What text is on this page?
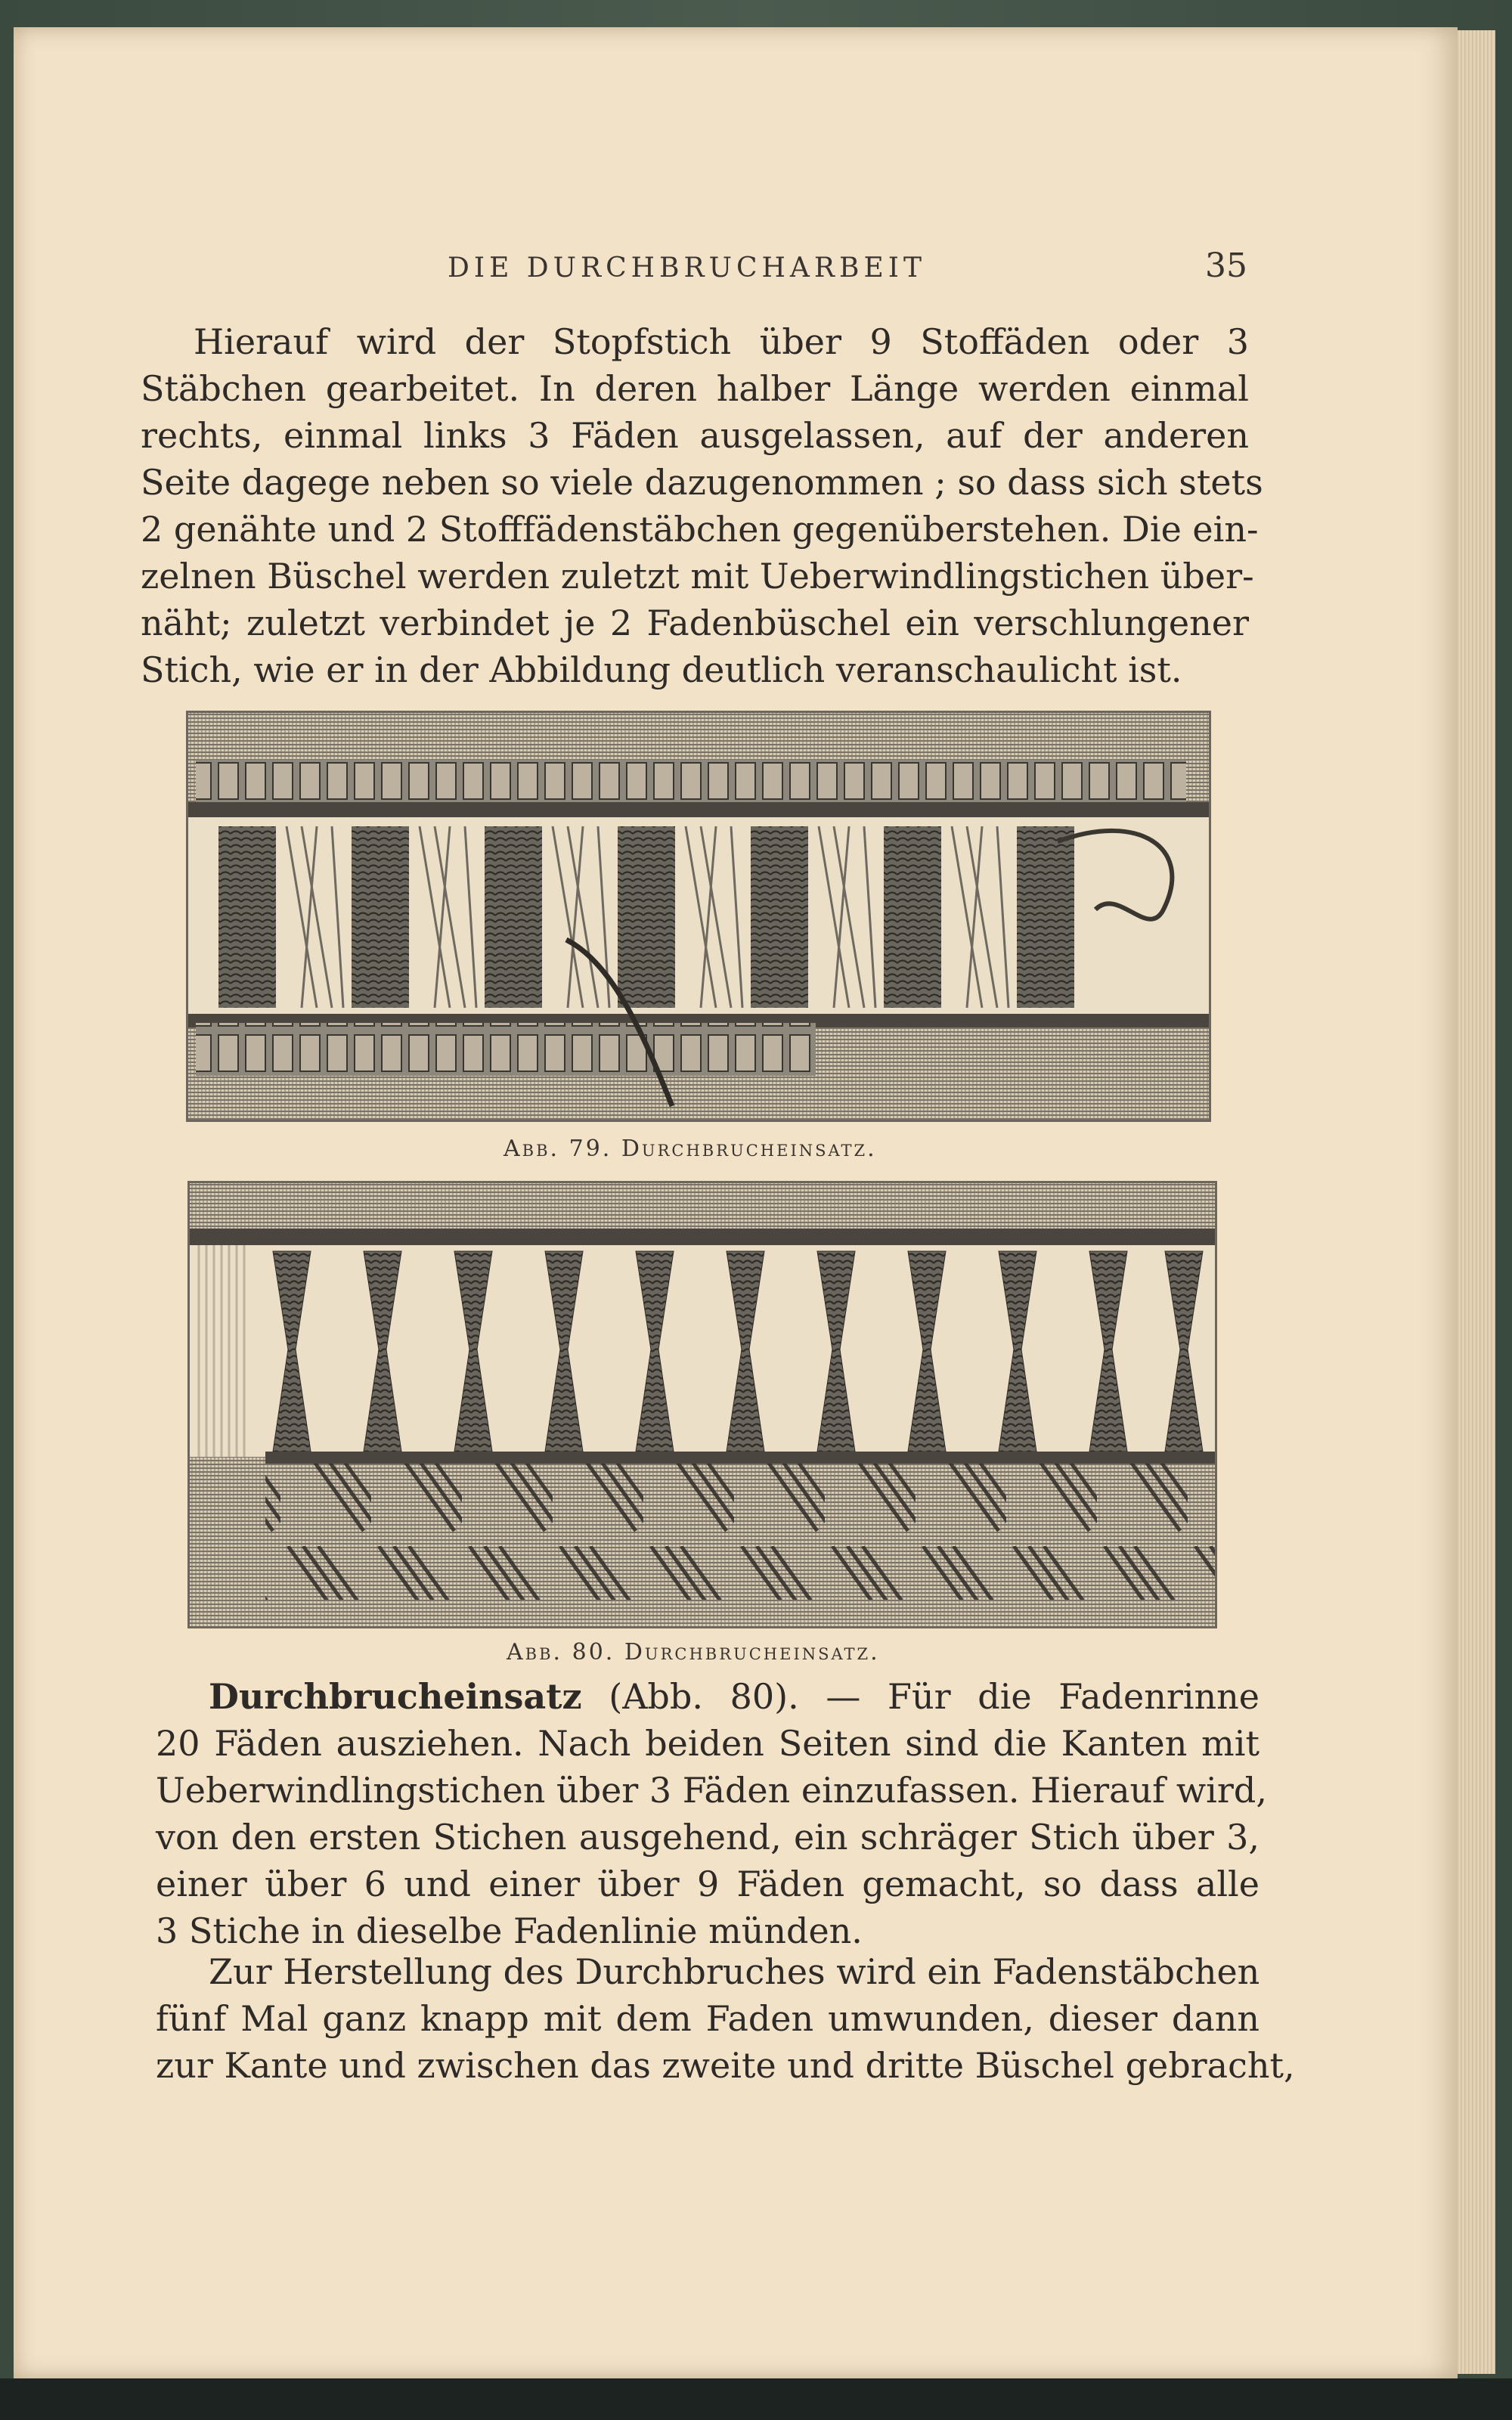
DIE DURCHBRUCHARBEIT	35
Hierauf wird der Stopfstich über 9 Stoffäden oder 3
Stäbchen gearbeitet. In deren halber Länge werden einmal
rechts, einmal links 3 Fäden ausgelassen, auf der anderen
Seite dagege neben so viele dazugenommen ; so dass sich stets
2 genähte und 2 Stofffädenstäbchen gegenüberstehen. Die ein-
zelnen Büschel werden zuletzt mit Ueberwindlingstichen über-
näht; zuletzt verbindet je 2 Fadenbüschel ein verschlungener
Stich, wie er in der Abbildung deutlich veranschaulicht ist.
Abb. 79. Durchbrucheinsatz.
Abb. 80. Durchbrucheinsatz.
Durchbrucheinsatz (Abb. 80). — Für die Fadenrinne
20 Fäden ausziehen. Nach beiden Seiten sind die Kanten mit
Ueberwindlingstichen über 3 Fäden einzufassen. Hierauf wird,
von den ersten Stichen ausgehend, ein schräger Stich über 3,
einer über 6 und einer über 9 Fäden gemacht, so dass alle
3 Stiche in dieselbe Fadenlinie münden.
Zur Herstellung des Durchbruches wird ein Fadenstäbchen
fünf Mal ganz knapp mit dem Faden umwunden, dieser dann
zur Kante und zwischen das zweite und dritte Büschel gebracht,
